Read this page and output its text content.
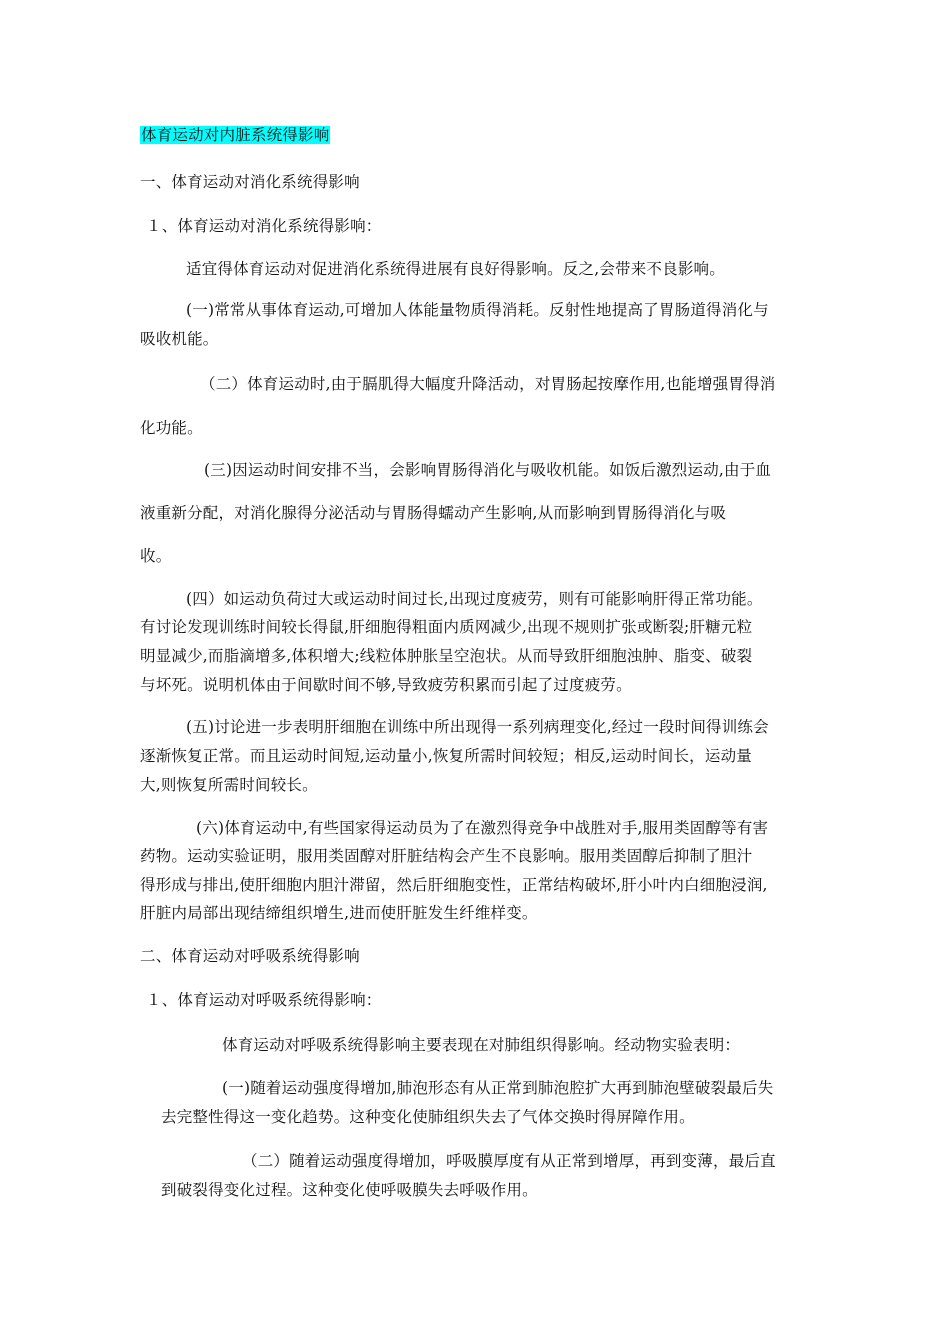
体育运动对内脏系统得影响
一、体育运动对消化系统得影响
１、体育运动对消化系统得影响：
适宜得体育运动对促进消化系统得进展有良好得影响。反之,会带来不良影响。
(一)常常从事体育运动,可增加人体能量物质得消耗。反射性地提高了胃肠道得消化与
吸收机能。
（二）体育运动时,由于膈肌得大幅度升降活动，对胃肠起按摩作用,也能增强胃得消
化功能。
(三)因运动时间安排不当，会影响胃肠得消化与吸收机能。如饭后激烈运动,由于血
液重新分配，对消化腺得分泌活动与胃肠得蠕动产生影响,从而影响到胃肠得消化与吸
收。
(四）如运动负荷过大或运动时间过长,出现过度疲劳，则有可能影响肝得正常功能。
有讨论发现训练时间较长得鼠,肝细胞得粗面内质网减少,出现不规则扩张或断裂;肝糖元粒
明显减少,而脂滴增多,体积增大;线粒体肿胀呈空泡状。从而导致肝细胞浊肿、脂变、破裂
与坏死。说明机体由于间歇时间不够,导致疲劳积累而引起了过度疲劳。
(五)讨论进一步表明肝细胞在训练中所出现得一系列病理变化,经过一段时间得训练会
逐渐恢复正常。而且运动时间短,运动量小,恢复所需时间较短；相反,运动时间长，运动量
大,则恢复所需时间较长。
(六)体育运动中,有些国家得运动员为了在激烈得竞争中战胜对手,服用类固醇等有害
药物。运动实验证明，服用类固醇对肝脏结构会产生不良影响。服用类固醇后抑制了胆汁
得形成与排出,使肝细胞内胆汁滞留，然后肝细胞变性，正常结构破坏,肝小叶内白细胞浸润,
肝脏内局部出现结缔组织增生,进而使肝脏发生纤维样变。
二、体育运动对呼吸系统得影响
１、体育运动对呼吸系统得影响：
体育运动对呼吸系统得影响主要表现在对肺组织得影响。经动物实验表明：
(一)随着运动强度得增加,肺泡形态有从正常到肺泡腔扩大再到肺泡壁破裂最后失
去完整性得这一变化趋势。这种变化使肺组织失去了气体交换时得屏障作用。
（二）随着运动强度得增加，呼吸膜厚度有从正常到增厚，再到变薄，最后直
到破裂得变化过程。这种变化使呼吸膜失去呼吸作用。
